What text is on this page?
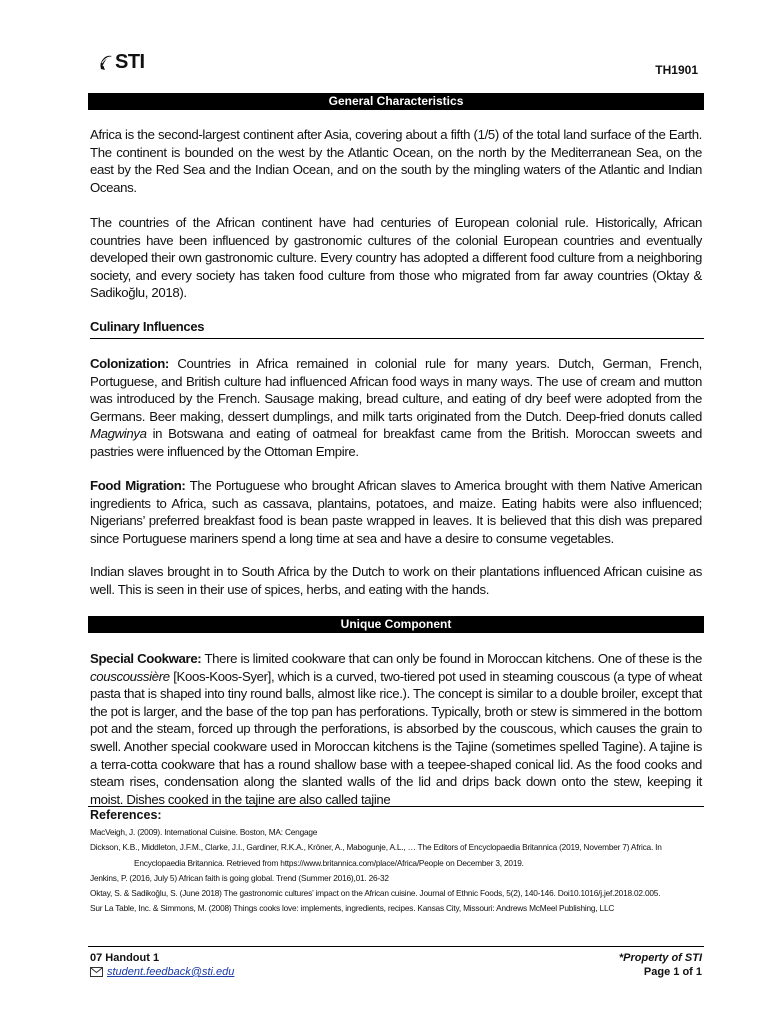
STI	TH1901
General Characteristics
Africa is the second-largest continent after Asia, covering about a fifth (1/5) of the total land surface of the Earth. The continent is bounded on the west by the Atlantic Ocean, on the north by the Mediterranean Sea, on the east by the Red Sea and the Indian Ocean, and on the south by the mingling waters of the Atlantic and Indian Oceans.
The countries of the African continent have had centuries of European colonial rule. Historically, African countries have been influenced by gastronomic cultures of the colonial European countries and eventually developed their own gastronomic culture. Every country has adopted a different food culture from a neighboring society, and every society has taken food culture from those who migrated from far away countries (Oktay & Sadikoğlu, 2018).
Culinary Influences
Colonization: Countries in Africa remained in colonial rule for many years. Dutch, German, French, Portuguese, and British culture had influenced African food ways in many ways. The use of cream and mutton was introduced by the French. Sausage making, bread culture, and eating of dry beef were adopted from the Germans. Beer making, dessert dumplings, and milk tarts originated from the Dutch. Deep-fried donuts called Magwinya in Botswana and eating of oatmeal for breakfast came from the British. Moroccan sweets and pastries were influenced by the Ottoman Empire.
Food Migration: The Portuguese who brought African slaves to America brought with them Native American ingredients to Africa, such as cassava, plantains, potatoes, and maize. Eating habits were also influenced; Nigerians’ preferred breakfast food is bean paste wrapped in leaves. It is believed that this dish was prepared since Portuguese mariners spend a long time at sea and have a desire to consume vegetables.
Indian slaves brought in to South Africa by the Dutch to work on their plantations influenced African cuisine as well. This is seen in their use of spices, herbs, and eating with the hands.
Unique Component
Special Cookware: There is limited cookware that can only be found in Moroccan kitchens. One of these is the couscoussière [Koos-Koos-Syer], which is a curved, two-tiered pot used in steaming couscous (a type of wheat pasta that is shaped into tiny round balls, almost like rice.). The concept is similar to a double broiler, except that the pot is larger, and the base of the top pan has perforations. Typically, broth or stew is simmered in the bottom pot and the steam, forced up through the perforations, is absorbed by the couscous, which causes the grain to swell. Another special cookware used in Moroccan kitchens is the Tajine (sometimes spelled Tagine). A tajine is a terra-cotta cookware that has a round shallow base with a teepee-shaped conical lid. As the food cooks and steam rises, condensation along the slanted walls of the lid and drips back down onto the stew, keeping it moist. Dishes cooked in the tajine are also called tajine
References:
MacVeigh, J. (2009). International Cuisine. Boston, MA: Cengage
Dickson, K.B., Middleton, J.F.M., Clarke, J.I., Gardiner, R.K.A., Kröner, A., Mabogunje, A.L., … The Editors of Encyclopaedia Britannica (2019, November 7) Africa. In Encyclopaedia Britannica. Retrieved from https://www.britannica.com/place/Africa/People on December 3, 2019.
Jenkins, P. (2016, July 5) African faith is going global. Trend (Summer 2016),01. 26-32
Oktay, S. & Sadikoğlu, S. (June 2018) The gastronomic cultures’ impact on the African cuisine. Journal of Ethnic Foods, 5(2), 140-146. Doi10.1016/j.jef.2018.02.005.
Sur La Table, Inc. & Simmons, M. (2008) Things cooks love: implements, ingredients, recipes. Kansas City, Missouri: Andrews McMeel Publishing, LLC
07 Handout 1
student.feedback@sti.edu
*Property of STI
Page 1 of 1
